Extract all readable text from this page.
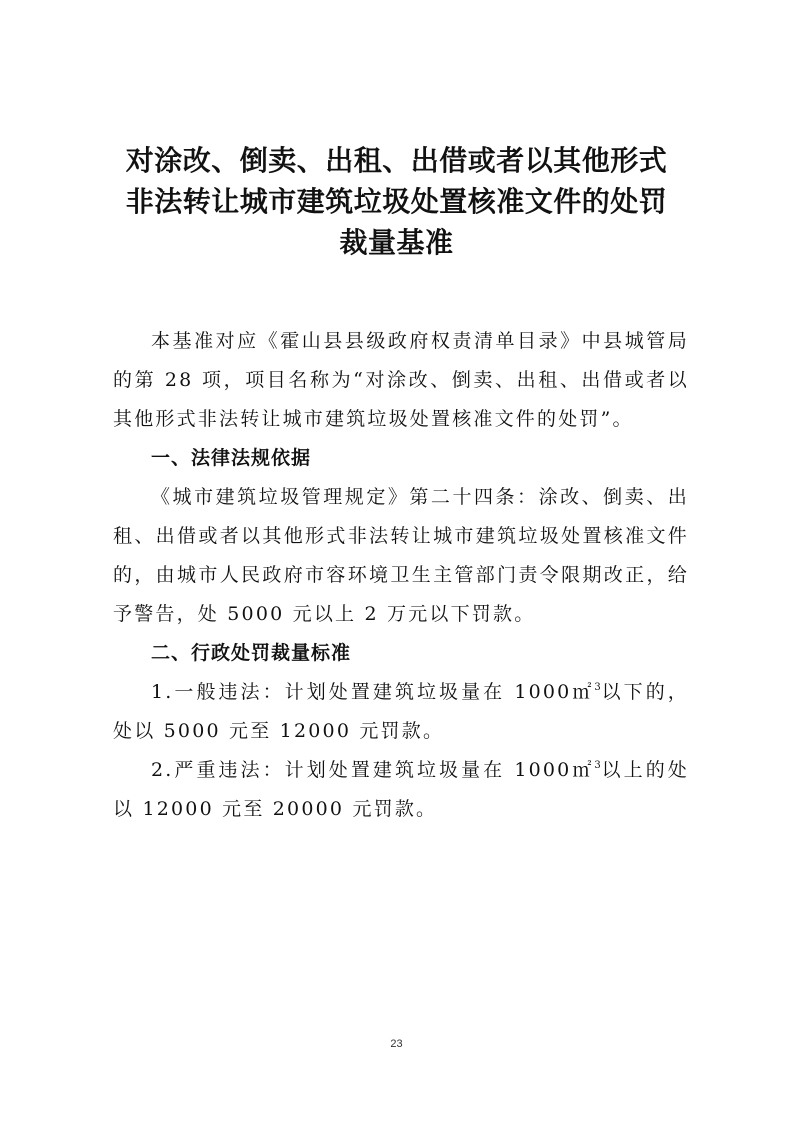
对涂改、倒卖、出租、出借或者以其他形式
非法转让城市建筑垃圾处置核准文件的处罚
裁量基准

本基准对应《霍山县县级政府权责清单目录》中县城管局的第 28 项，项目名称为“对涂改、倒卖、出租、出借或者以其他形式非法转让城市建筑垃圾处置核准文件的处罚”。

一、法律法规依据

《城市建筑垃圾管理规定》第二十四条：涂改、倒卖、出租、出借或者以其他形式非法转让城市建筑垃圾处置核准文件的，由城市人民政府市容环境卫生主管部门责令限期改正，给予警告，处 5000 元以上 2 万元以下罚款。

二、行政处罚裁量标准

1.一般违法：计划处置建筑垃圾量在 1000㎡$^3$以下的，处以 5000 元至 12000 元罚款。

2.严重违法：计划处置建筑垃圾量在 1000㎡$^3$以上的处以 12000 元至 20000 元罚款。

23
